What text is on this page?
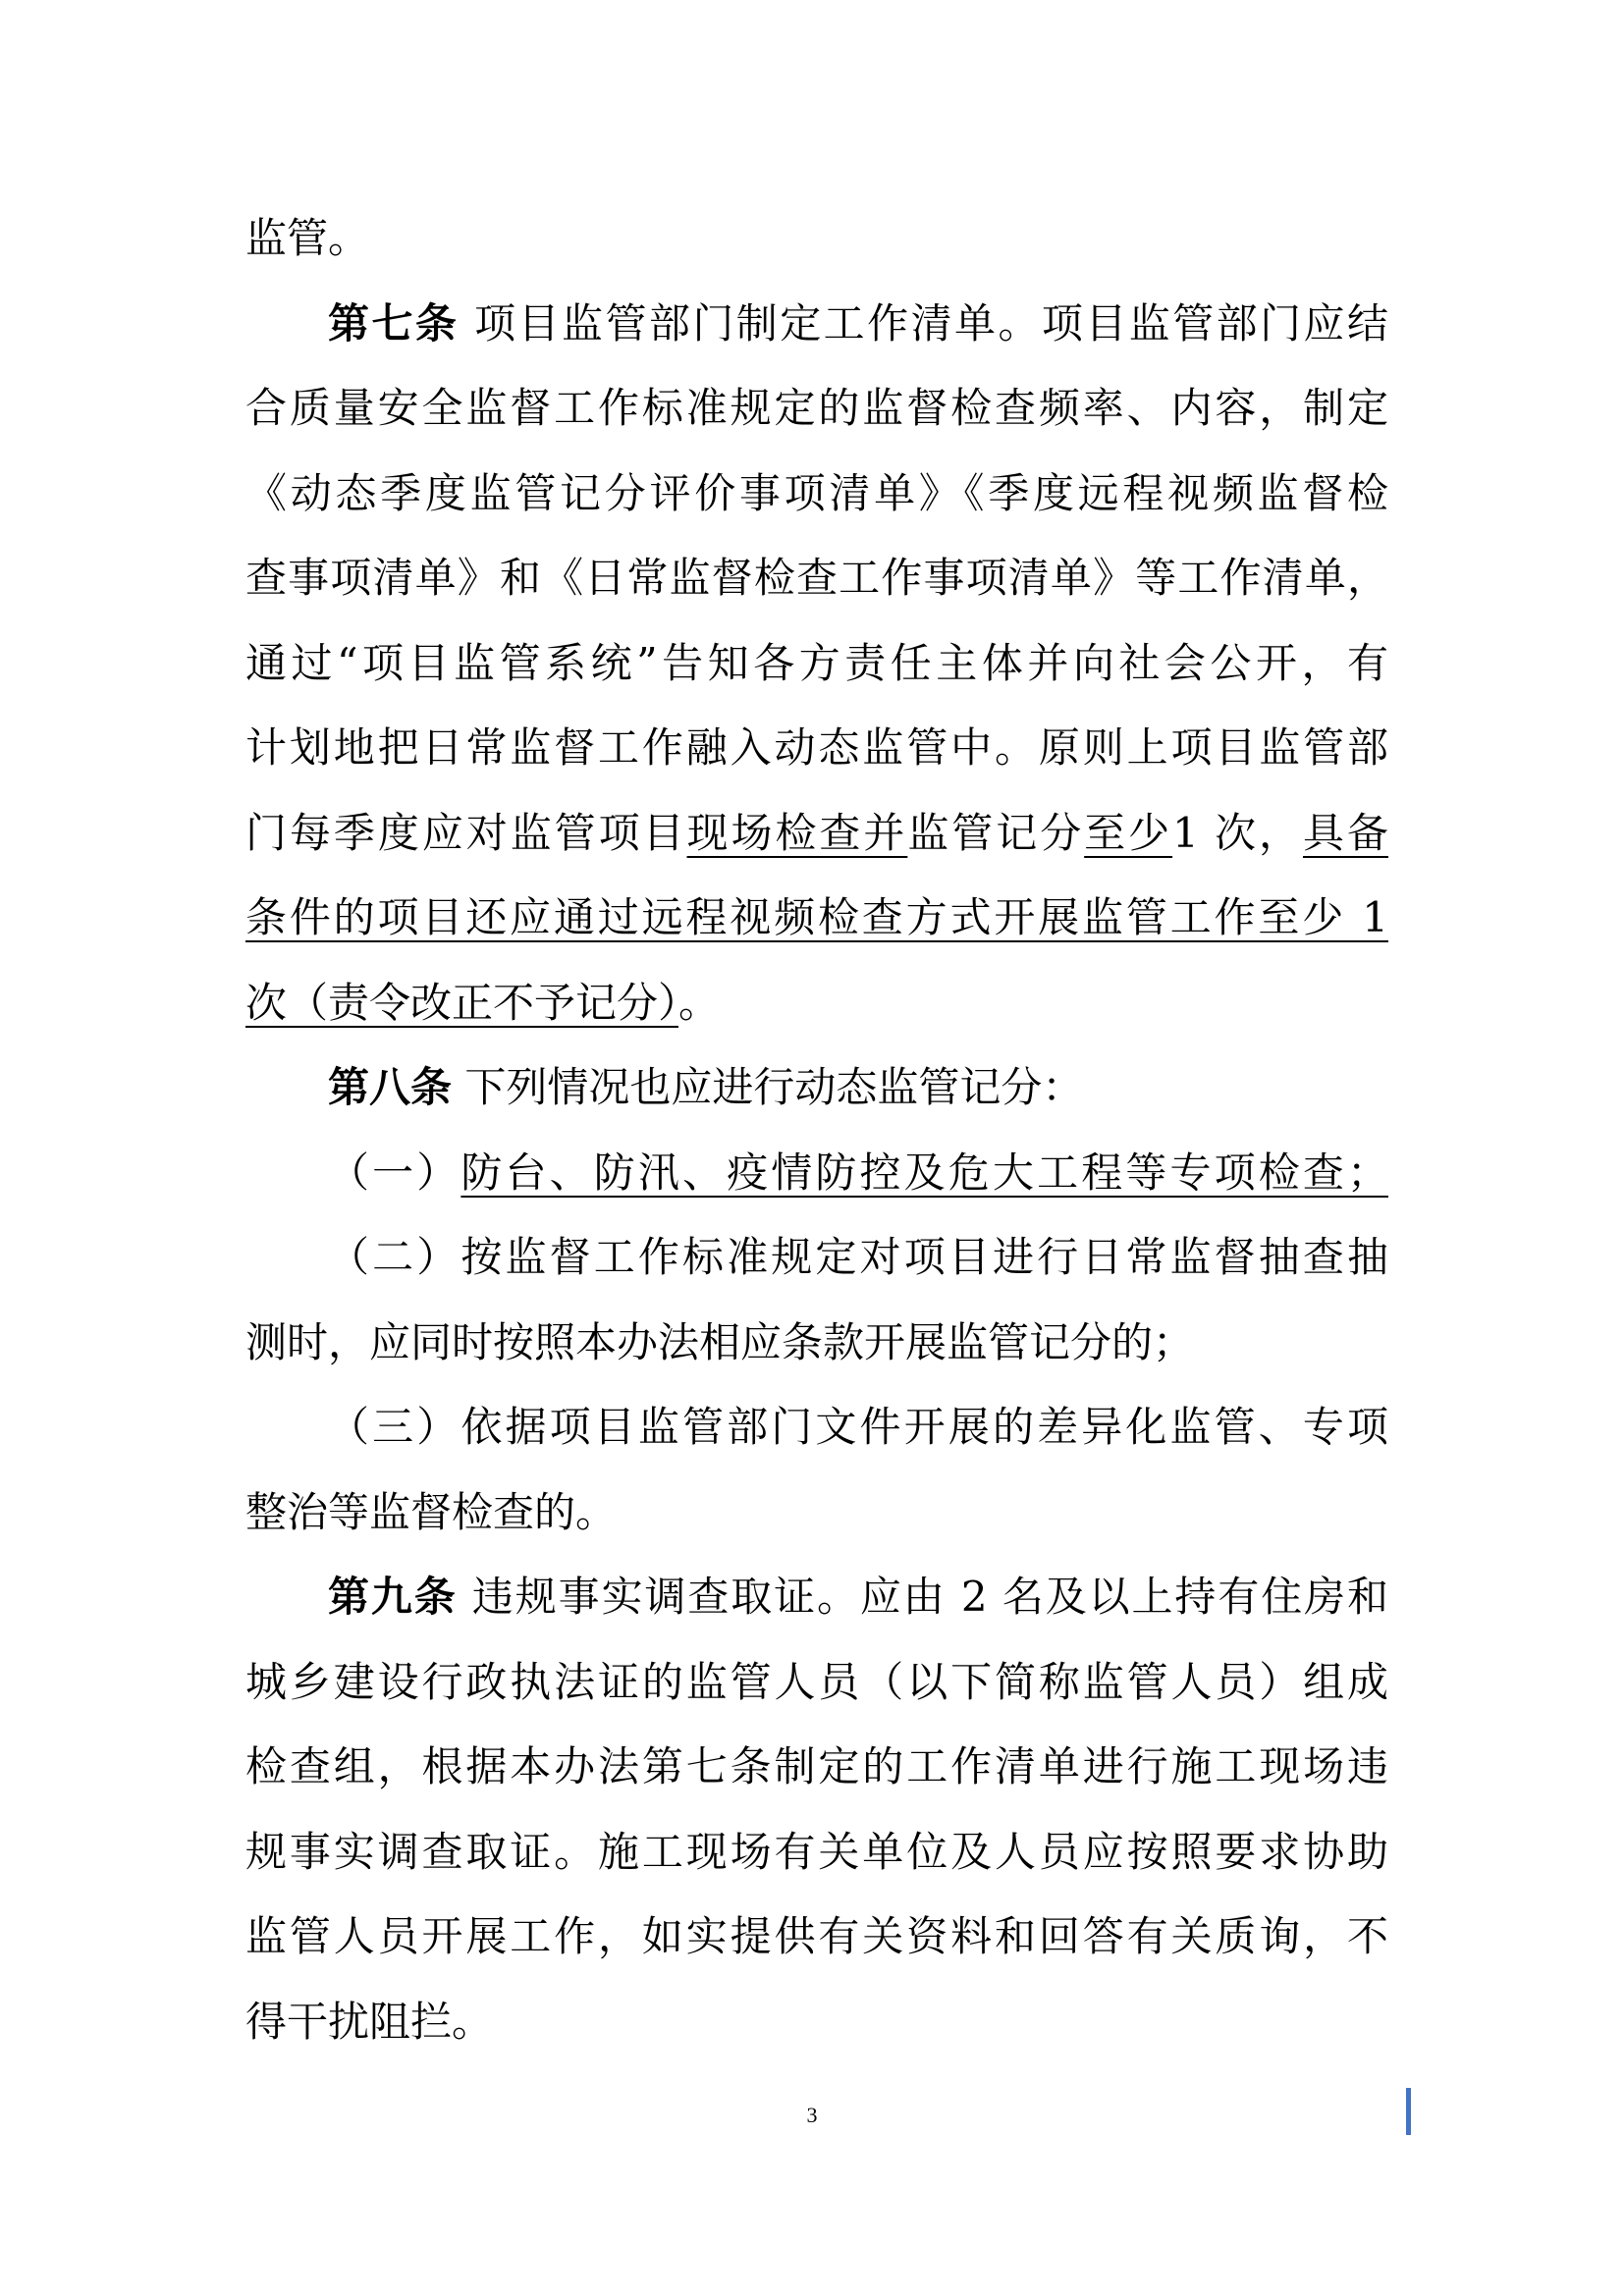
监管。
第七条 项目监管部门制定工作清单。项目监管部门应结
合质量安全监督工作标准规定的监督检查频率、内容，制定
《动态季度监管记分评价事项清单》《季度远程视频监督检
查事项清单》和《日常监督检查工作事项清单》等工作清单，
通过“项目监管系统”告知各方责任主体并向社会公开，有
计划地把日常监督工作融入动态监管中。原则上项目监管部
门每季度应对监管项目现场检查并监管记分至少1 次，具备
条件的项目还应通过远程视频检查方式开展监管工作至少 1
次（责令改正不予记分）。
第八条 下列情况也应进行动态监管记分：
（一）防台、防汛、疫情防控及危大工程等专项检查；
（二）按监督工作标准规定对项目进行日常监督抽查抽
测时，应同时按照本办法相应条款开展监管记分的；
（三）依据项目监管部门文件开展的差异化监管、专项
整治等监督检查的。
第九条 违规事实调查取证。应由 2 名及以上持有住房和
城乡建设行政执法证的监管人员（以下简称监管人员）组成
检查组，根据本办法第七条制定的工作清单进行施工现场违
规事实调查取证。施工现场有关单位及人员应按照要求协助
监管人员开展工作，如实提供有关资料和回答有关质询，不
得干扰阻拦。
3
